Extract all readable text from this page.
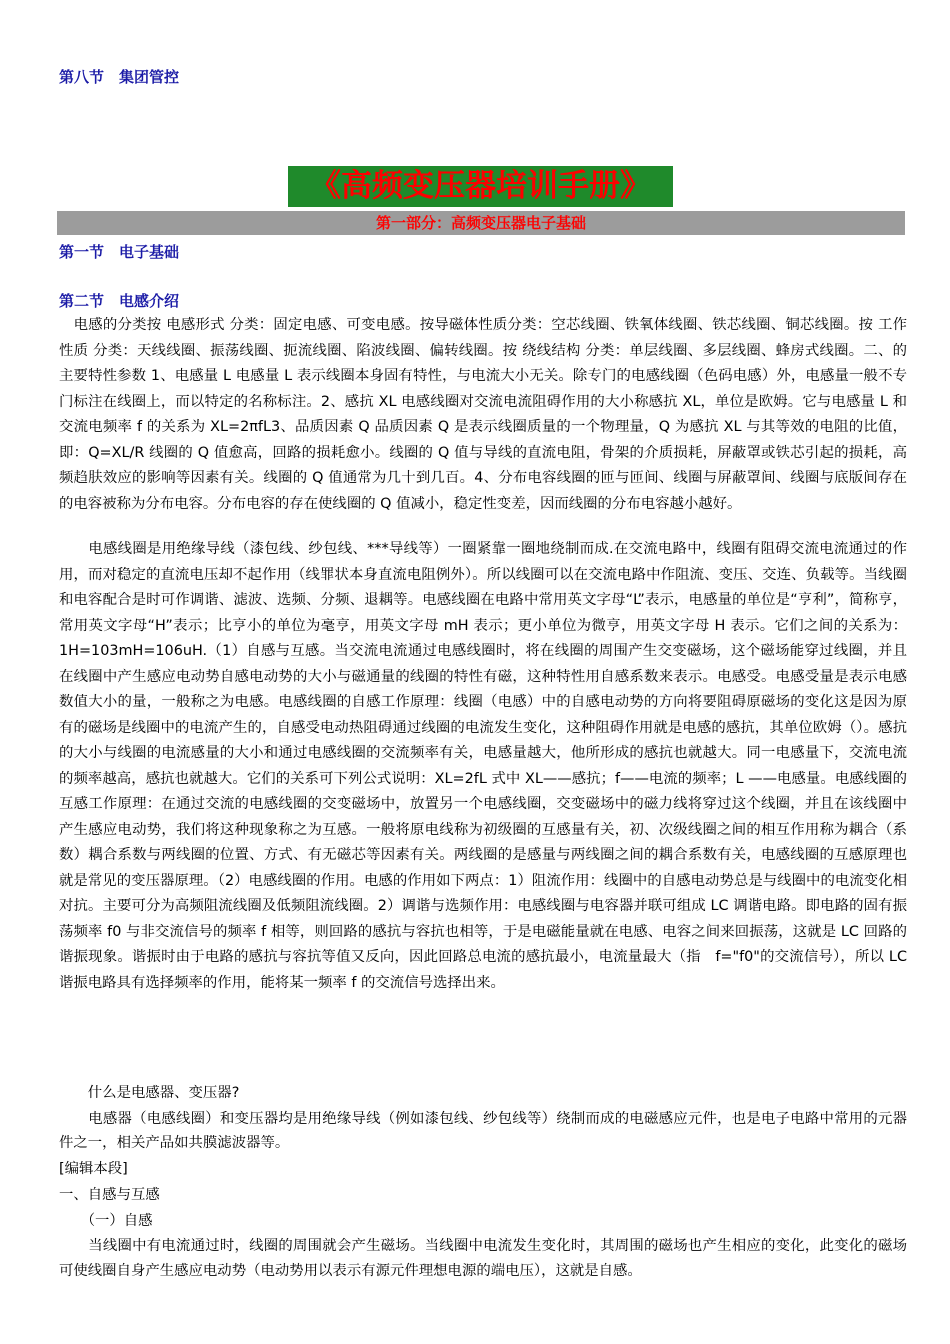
第八节　集团管控
《高频变压器培训手册》
第一部分：高频变压器电子基础
第一节　电子基础
第二节　电感介绍

　电感的分类按 电感形式 分类：固定电感、可变电感。按导磁体性质分类：空芯线圈、铁氧体线圈、铁芯线圈、铜芯线圈。按 工作性质 分类：天线线圈、振荡线圈、扼流线圈、陷波线圈、偏转线圈。按 绕线结构 分类：单层线圈、多层线圈、蜂房式线圈。二、的主要特性参数 1、电感量 L 电感量 L 表示线圈本身固有特性，与电流大小无关。除专门的电感线圈（色码电感）外，电感量一般不专门标注在线圈上，而以特定的名称标注。2、感抗 XL 电感线圈对交流电流阻碍作用的大小称感抗 XL，单位是欧姆。它与电感量 L 和交流电频率 f 的关系为 XL=2πfL3、品质因素 Q 品质因素 Q 是表示线圈质量的一个物理量，Q 为感抗 XL 与其等效的电阻的比值，即：Q=XL/R 线圈的 Q 值愈高，回路的损耗愈小。线圈的 Q 值与导线的直流电阻，骨架的介质损耗，屏蔽罩或铁芯引起的损耗，高频趋肤效应的影响等因素有关。线圈的 Q 值通常为几十到几百。4、分布电容线圈的匝与匝间、线圈与屏蔽罩间、线圈与底版间存在的电容被称为分布电容。分布电容的存在使线圈的 Q 值减小，稳定性变差，因而线圈的分布电容越小越好。

　　电感线圈是用绝缘导线（漆包线、纱包线、***导线等）一圈紧靠一圈地绕制而成.在交流电路中，线圈有阻碍交流电流通过的作用，而对稳定的直流电压却不起作用（线罪状本身直流电阻例外）。所以线圈可以在交流电路中作阻流、变压、交连、负载等。当线圈和电容配合是时可作调谐、滤波、选频、分频、退耦等。电感线圈在电路中常用英文字母“L”表示，电感量的单位是“亨利”，简称亨，常用英文字母“H”表示；比亨小的单位为毫亨，用英文字母 mH 表示；更小单位为微亨，用英文字母 H 表示。它们之间的关系为：1H=103mH=106uH.（1）自感与互感。当交流电流通过电感线圈时，将在线圈的周围产生交变磁场，这个磁场能穿过线圈，并且在线圈中产生感应电动势自感电动势的大小与磁通量的线圈的特性有磁，这种特性用自感系数来表示。电感受。电感受量是表示电感数值大小的量，一般称之为电感。电感线圈的自感工作原理：线圈（电感）中的自感电动势的方向将要阻碍原磁场的变化这是因为原有的磁场是线圈中的电流产生的，自感受电动热阻碍通过线圈的电流发生变化，这种阻碍作用就是电感的感抗，其单位欧姆（）。感抗的大小与线圈的电流感量的大小和通过电感线圈的交流频率有关，电感量越大，他所形成的感抗也就越大。同一电感量下，交流电流的频率越高，感抗也就越大。它们的关系可下列公式说明：XL=2fL 式中 XL——感抗；f——电流的频率；L ——电感量。电感线圈的互感工作原理：在通过交流的电感线圈的交变磁场中，放置另一个电感线圈，交变磁场中的磁力线将穿过这个线圈，并且在该线圈中产生感应电动势，我们将这种现象称之为互感。一般将原电线称为初级圈的互感量有关，初、次级线圈之间的相互作用称为耦合（系数）耦合系数与两线圈的位置、方式、有无磁芯等因素有关。两线圈的是感量与两线圈之间的耦合系数有关，电感线圈的互感原理也就是常见的变压器原理。（2）电感线圈的作用。电感的作用如下两点：1）阻流作用：线圈中的自感电动势总是与线圈中的电流变化相对抗。主要可分为高频阻流线圈及低频阻流线圈。2）调谐与选频作用：电感线圈与电容器并联可组成 LC 调谐电路。即电路的固有振荡频率 f0 与非交流信号的频率 f 相等，则回路的感抗与容抗也相等，于是电磁能量就在电感、电容之间来回振荡，这就是 LC 回路的谐振现象。谐振时由于电路的感抗与容抗等值又反向，因此回路总电流的感抗最小，电流量最大（指　f="f0"的交流信号），所以 LC 谐振电路具有选择频率的作用，能将某一频率 f 的交流信号选择出来。

　　什么是电感器、变压器?

　　电感器（电感线圈）和变压器均是用绝缘导线（例如漆包线、纱包线等）绕制而成的电磁感应元件，也是电子电路中常用的元器件之一，相关产品如共膜滤波器等。

[编辑本段]

一、自感与互感

　　（一）自感

　　当线圈中有电流通过时，线圈的周围就会产生磁场。当线圈中电流发生变化时，其周围的磁场也产生相应的变化，此变化的磁场可使线圈自身产生感应电动势（电动势用以表示有源元件理想电源的端电压），这就是自感。
